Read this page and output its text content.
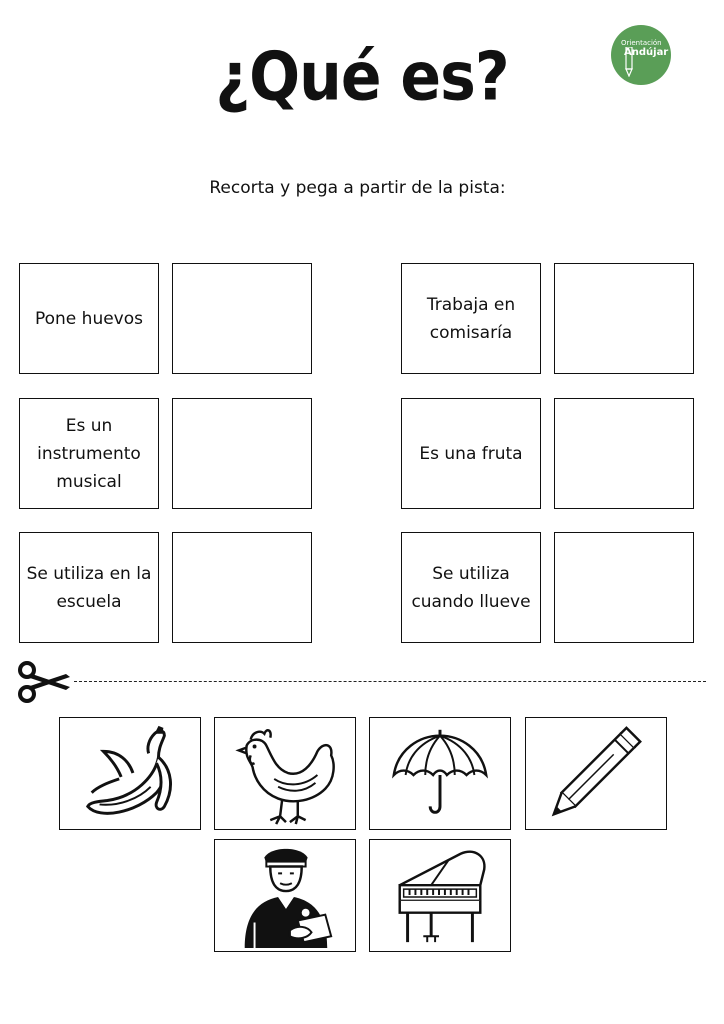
¿Qué es?	Orientación
Andújar
Recorta y pega a partir de la pista:
Pone huevos
Es un instrumento musical
Se utiliza en la escuela
Trabaja en comisaría
Es una fruta
Se utiliza cuando llueve
